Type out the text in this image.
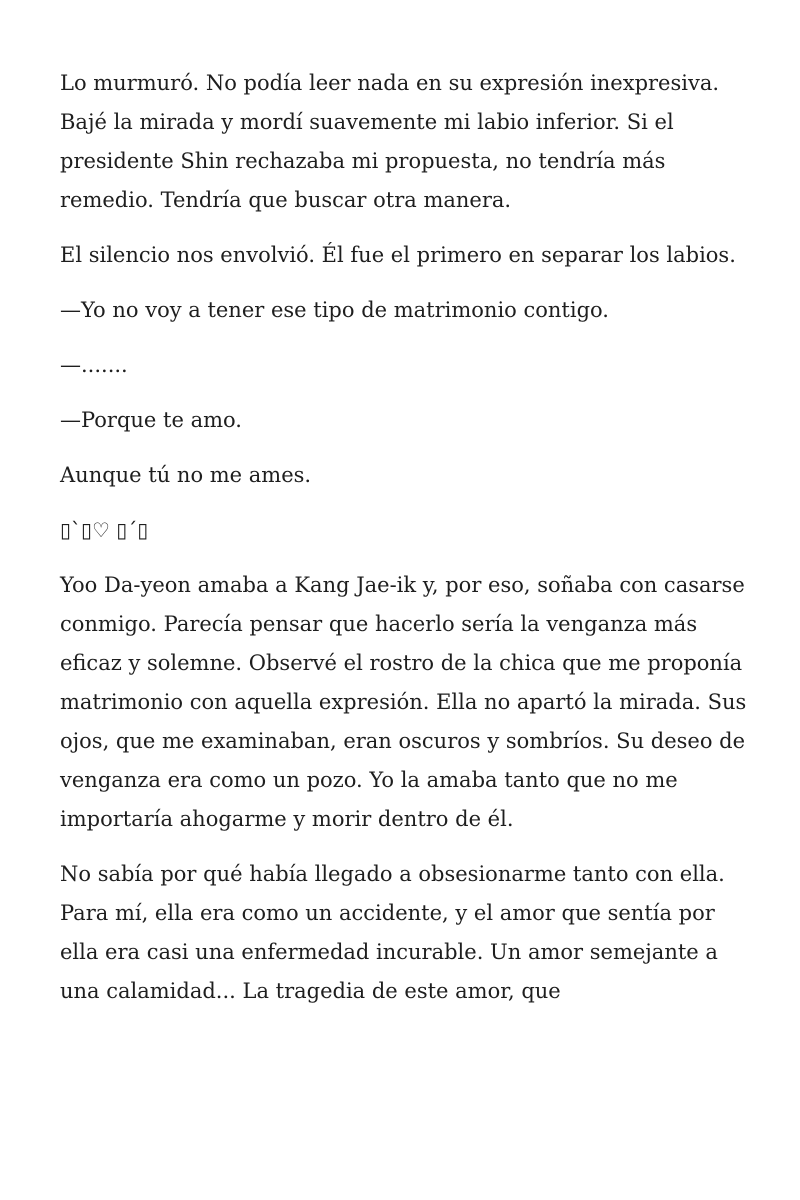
Lo murmuró. No podía leer nada en su expresión inexpresiva. Bajé la mirada y mordí suavemente mi labio inferior. Si el presidente Shin rechazaba mi propuesta, no tendría más remedio. Tendría que buscar otra manera.

El silencio nos envolvió. Él fue el primero en separar los labios.

—Yo no voy a tener ese tipo de matrimonio contigo.

—.......

—Porque te amo.

Aunque tú no me ames.

▯`▯♡ ▯´▯

Yoo Da-yeon amaba a Kang Jae-ik y, por eso, soñaba con casarse conmigo. Parecía pensar que hacerlo sería la venganza más eficaz y solemne. Observé el rostro de la chica que me proponía matrimonio con aquella expresión. Ella no apartó la mirada. Sus ojos, que me examinaban, eran oscuros y sombríos. Su deseo de venganza era como un pozo. Yo la amaba tanto que no me importaría ahogarme y morir dentro de él.

No sabía por qué había llegado a obsesionarme tanto con ella. Para mí, ella era como un accidente, y el amor que sentía por ella era casi una enfermedad incurable. Un amor semejante a una calamidad... La tragedia de este amor, que
